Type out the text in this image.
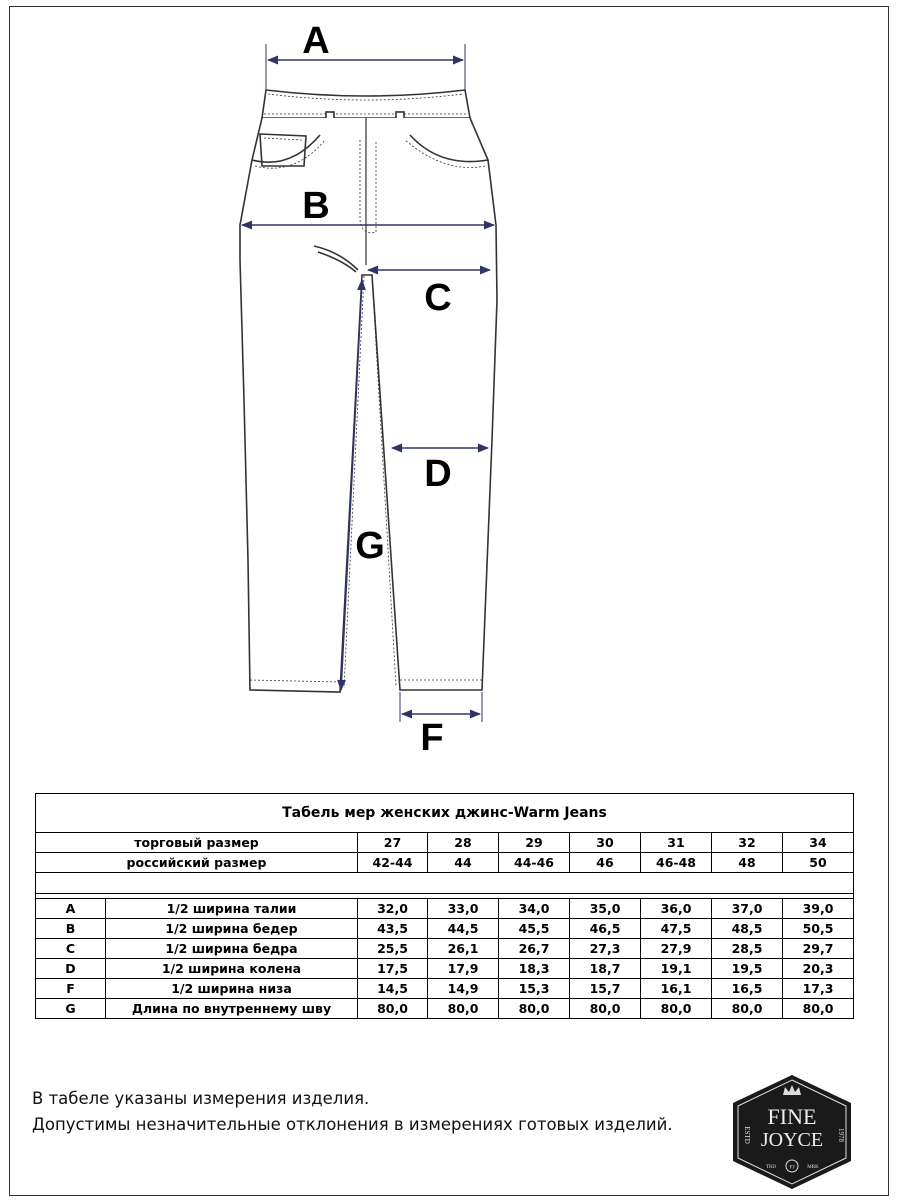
A
B
C
D
G
F

Табель мер женских джинс-Warm Jeans								
торговый размер		27	28	29	30	31	32	34
российский размер		42-44	44	44-46	46	46-48	48	50

A	1/2 ширина талии	32,0	33,0	34,0	35,0	36,0	37,0	39,0
B	1/2 ширина бедер	43,5	44,5	45,5	46,5	47,5	48,5	50,5
C	1/2 ширина бедра	25,5	26,1	26,7	27,3	27,9	28,5	29,7
D	1/2 ширина колена	17,5	17,9	18,3	18,7	19,1	19,5	20,3
F	1/2 ширина низа	14,5	14,9	15,3	15,7	16,1	16,5	17,3
G	Длина по внутреннему шву	80,0	80,0	80,0	80,0	80,0	80,0	80,0
В табеле указаны измерения изделия.
Допустимы незначительные отклонения в измерениях готовых изделий.	FINE
JOYCE
ESTD	1978
TRD	MRK
FJ
